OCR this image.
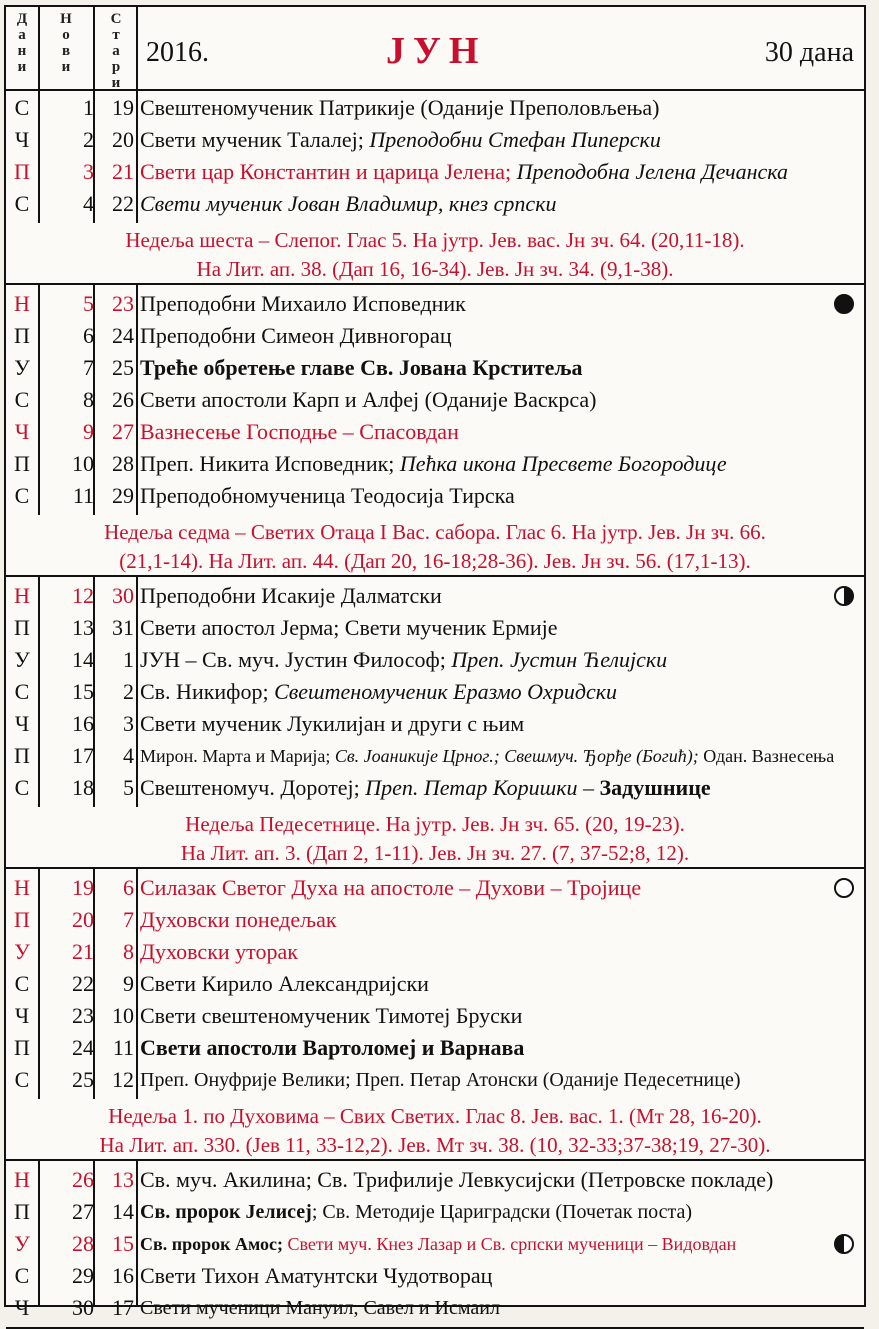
Д
а
н
и
Н
о
в
и
С
т
а
р
и
2016.	ЈУН	30 дана
С	1 19 Свештеномученик Патрикије (Оданије Преполовљења)
Ч	2 20 Свети мученик Талалеј; Преподобни Стефан Пиперски
П	3 21 Свети цар Константин и царица Јелена; Преподобна Јелена Дечанска
С	4 22 Свети мученик Јован Владимир, кнез српски
Н	5 23 Преподобни Михаило Исповедник
П	6 24 Преподобни Симеон Дивногорац
У	7 25 Треће обретење главе Св. Јована Крститеља
С	8 26 Свети апостоли Карп и Алфеј (Оданије Васкрса)
Ч	9 27 Вазнесење Господње – Спасовдан
П	10 28 Преп. Никита Исповедник; Пећка икона Пресвете Богородице
С	11 29 Преподобномученица Теодосија Тирска
Н	12 30 Преподобни Исакије Далматски
П	13 31 Свети апостол Јерма; Свети мученик Ермије
У	14	1 ЈУН – Св. муч. Јустин Философ; Преп. Јустин Ћелијски
С	15	2 Св. Никифор; Свештеномученик Еразмо Охридски
Ч	16	3 Свети мученик Лукилијан и други с њим
П	17	4 Мирон. Марта и Марија; Св. Јоаникије Црног.; Свешмуч. Ђорђе (Богић); Одан. Вазнесења
С	18	5 Свештеномуч. Доротеј; Преп. Петар Коришки – Задушнице
Н	19	6 Силазак Светог Духа на апостоле – Духови – Тројице
П	20	7 Духовски понедељак
У	21	8 Духовски уторак
С	22	9 Свети Кирило Александријски
Ч	23 10 Свети свештеномученик Тимотеј Бруски
П	24 11 Свети апостоли Вартоломеј и Варнава
С	25 12 Преп. Онуфрије Велики; Преп. Петар Атонски (Оданије Педесетнице)
Н	26 13 Св. муч. Акилина; Св. Трифилије Левкусијски (Петровске покладе)
П	27 14 Св. пророк Јелисеј; Св. Методије Цариградски (Почетак поста)
У	28 15 Св. пророк Амос; Свети муч. Кнез Лазар и Св. српски мученици – Видовдан
С	29 16 Свети Тихон Аматунтски Чудотворац
Ч	30 17 Свети мученици Мануил, Савел и Исмаил
Недеља шеста – Слепог. Глас 5. На јутр. Јев. вас. Јн зч. 64. (20,11-18).
На Лит. ап. 38. (Дап 16, 16-34). Јев. Јн зч. 34. (9,1-38).
Недеља седма – Светих Отаца I Вас. сабора. Глас 6. На јутр. Јев. Јн зч. 66.
(21,1-14). На Лит. ап. 44. (Дап 20, 16-18;28-36). Јев. Јн зч. 56. (17,1-13).
Недеља Педесетнице. На јутр. Јев. Јн зч. 65. (20, 19-23).
На Лит. ап. 3. (Дап 2, 1-11). Јев. Јн зч. 27. (7, 37-52;8, 12).
Недеља 1. по Духовима – Свих Светих. Глас 8. Јев. вас. 1. (Мт 28, 16-20).
На Лит. ап. 330. (Јев 11, 33-12,2). Јев. Мт зч. 38. (10, 32-33;37-38;19, 27-30).
